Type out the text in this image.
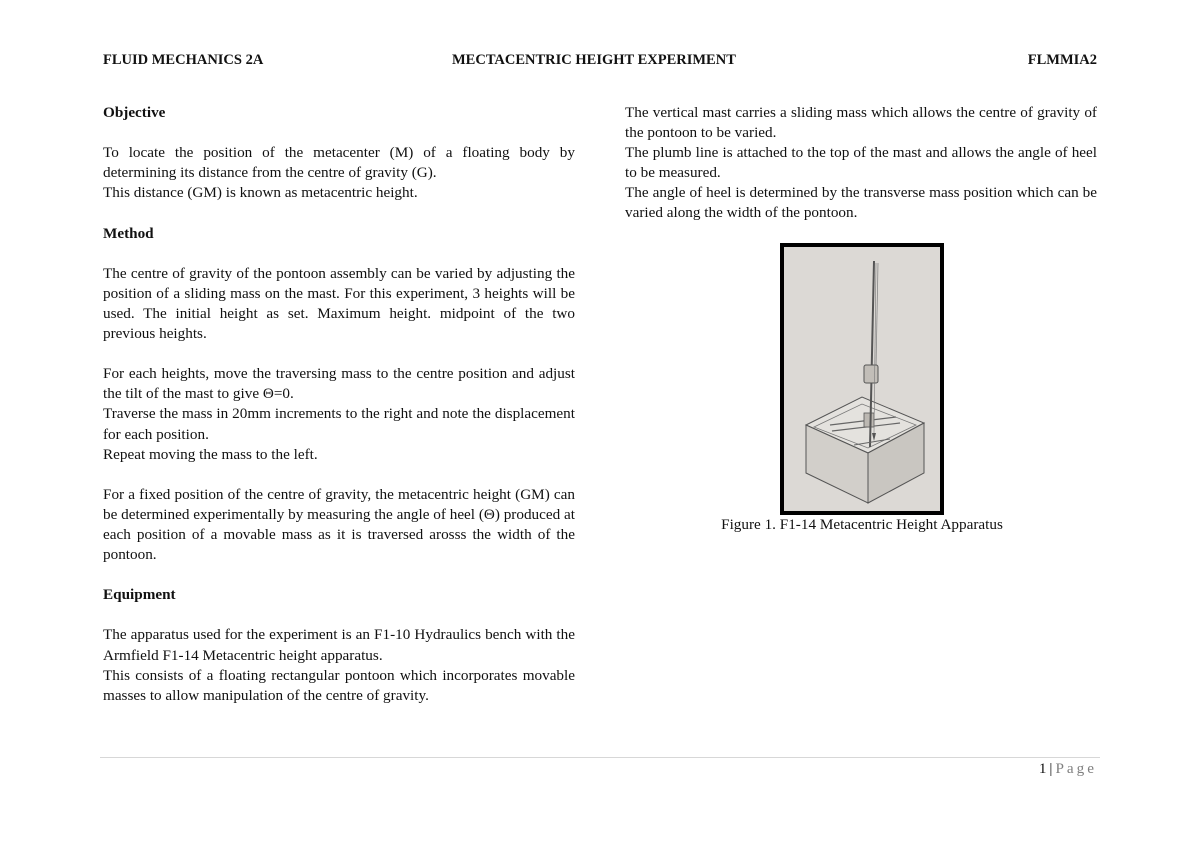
FLUID MECHANICS 2A	MECTACENTRIC HEIGHT EXPERIMENT	FLMMIA2
Objective

To locate the position of the metacenter (M) of a floating body by determining its distance from the centre of gravity (G).

This distance (GM) is known as metacentric height.

Method

The centre of gravity of the pontoon assembly can be varied by adjusting the position of a sliding mass on the mast. For this experiment, 3 heights will be used. The initial height as set. Maximum height. midpoint of the two previous heights.

For each heights, move the traversing mass to the centre position and adjust the tilt of the mast to give Θ=0.

Traverse the mass in 20mm increments to the right and note the displacement for each position.

Repeat moving the mass to the left.

For a fixed position of the centre of gravity, the metacentric height (GM) can be determined experimentally by measuring the angle of heel (Θ) produced at each position of a movable mass as it is traversed arosss the width of the pontoon.

Equipment

The apparatus used for the experiment is an F1-10 Hydraulics bench with the Armfield F1-14 Metacentric height apparatus.

This consists of a floating rectangular pontoon which incorporates movable masses to allow manipulation of the centre of gravity.

The vertical mast carries a sliding mass which allows the centre of gravity of the pontoon to be varied.

The plumb line is attached to the top of the mast and allows the angle of heel to be measured.

The angle of heel is determined by the transverse mass position which can be varied along the width of the pontoon.

Figure 1. F1-14 Metacentric Height Apparatus
1 | Page
